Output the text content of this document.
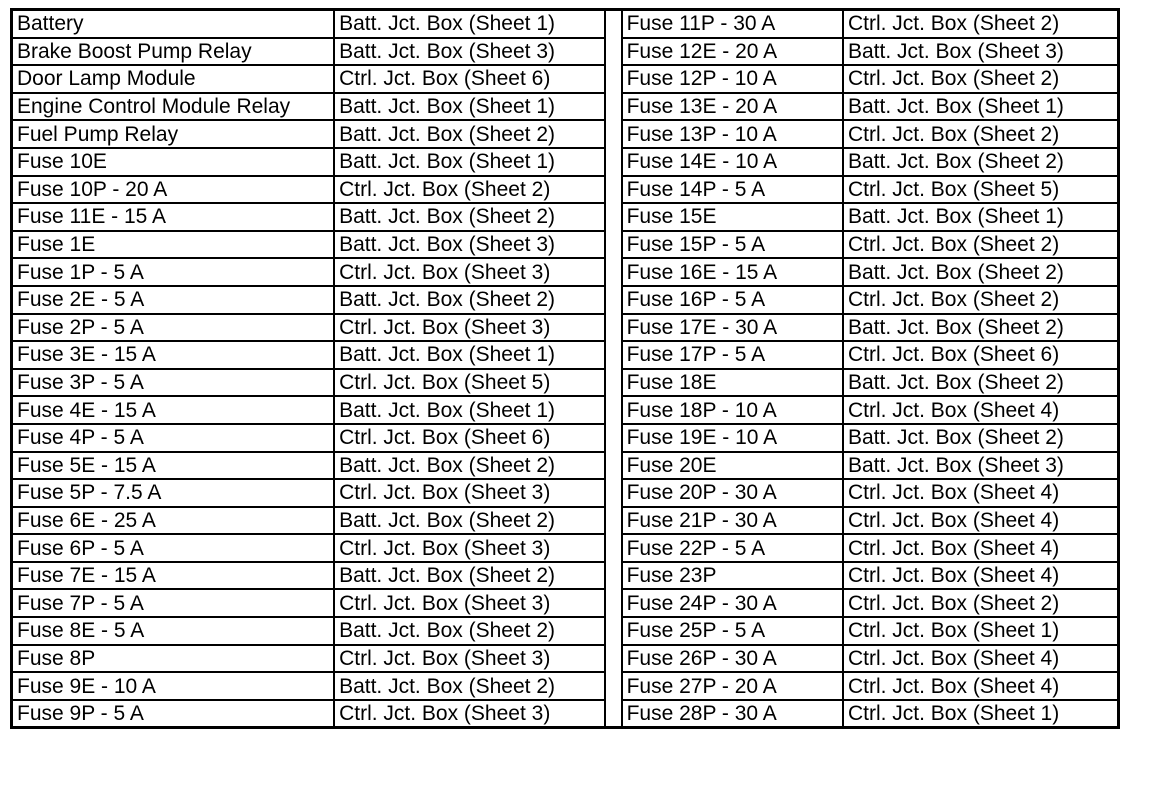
Battery	Batt. Jct. Box (Sheet 1)		Fuse 11P - 30 A	Ctrl. Jct. Box (Sheet 2)
Brake Boost Pump Relay	Batt. Jct. Box (Sheet 3)		Fuse 12E - 20 A	Batt. Jct. Box (Sheet 3)
Door Lamp Module	Ctrl. Jct. Box (Sheet 6)		Fuse 12P - 10 A	Ctrl. Jct. Box (Sheet 2)
Engine Control Module Relay	Batt. Jct. Box (Sheet 1)		Fuse 13E - 20 A	Batt. Jct. Box (Sheet 1)
Fuel Pump Relay	Batt. Jct. Box (Sheet 2)		Fuse 13P - 10 A	Ctrl. Jct. Box (Sheet 2)
Fuse 10E	Batt. Jct. Box (Sheet 1)		Fuse 14E - 10 A	Batt. Jct. Box (Sheet 2)
Fuse 10P - 20 A	Ctrl. Jct. Box (Sheet 2)		Fuse 14P - 5 A	Ctrl. Jct. Box (Sheet 5)
Fuse 11E - 15 A	Batt. Jct. Box (Sheet 2)		Fuse 15E	Batt. Jct. Box (Sheet 1)
Fuse 1E	Batt. Jct. Box (Sheet 3)		Fuse 15P - 5 A	Ctrl. Jct. Box (Sheet 2)
Fuse 1P - 5 A	Ctrl. Jct. Box (Sheet 3)		Fuse 16E - 15 A	Batt. Jct. Box (Sheet 2)
Fuse 2E - 5 A	Batt. Jct. Box (Sheet 2)		Fuse 16P - 5 A	Ctrl. Jct. Box (Sheet 2)
Fuse 2P - 5 A	Ctrl. Jct. Box (Sheet 3)		Fuse 17E - 30 A	Batt. Jct. Box (Sheet 2)
Fuse 3E - 15 A	Batt. Jct. Box (Sheet 1)		Fuse 17P - 5 A	Ctrl. Jct. Box (Sheet 6)
Fuse 3P - 5 A	Ctrl. Jct. Box (Sheet 5)		Fuse 18E	Batt. Jct. Box (Sheet 2)
Fuse 4E - 15 A	Batt. Jct. Box (Sheet 1)		Fuse 18P - 10 A	Ctrl. Jct. Box (Sheet 4)
Fuse 4P - 5 A	Ctrl. Jct. Box (Sheet 6)		Fuse 19E - 10 A	Batt. Jct. Box (Sheet 2)
Fuse 5E - 15 A	Batt. Jct. Box (Sheet 2)		Fuse 20E	Batt. Jct. Box (Sheet 3)
Fuse 5P - 7.5 A	Ctrl. Jct. Box (Sheet 3)		Fuse 20P - 30 A	Ctrl. Jct. Box (Sheet 4)
Fuse 6E - 25 A	Batt. Jct. Box (Sheet 2)		Fuse 21P - 30 A	Ctrl. Jct. Box (Sheet 4)
Fuse 6P - 5 A	Ctrl. Jct. Box (Sheet 3)		Fuse 22P - 5 A	Ctrl. Jct. Box (Sheet 4)
Fuse 7E - 15 A	Batt. Jct. Box (Sheet 2)		Fuse 23P	Ctrl. Jct. Box (Sheet 4)
Fuse 7P - 5 A	Ctrl. Jct. Box (Sheet 3)		Fuse 24P - 30 A	Ctrl. Jct. Box (Sheet 2)
Fuse 8E - 5 A	Batt. Jct. Box (Sheet 2)		Fuse 25P - 5 A	Ctrl. Jct. Box (Sheet 1)
Fuse 8P	Ctrl. Jct. Box (Sheet 3)		Fuse 26P - 30 A	Ctrl. Jct. Box (Sheet 4)
Fuse 9E - 10 A	Batt. Jct. Box (Sheet 2)		Fuse 27P - 20 A	Ctrl. Jct. Box (Sheet 4)
Fuse 9P - 5 A	Ctrl. Jct. Box (Sheet 3)		Fuse 28P - 30 A	Ctrl. Jct. Box (Sheet 1)
